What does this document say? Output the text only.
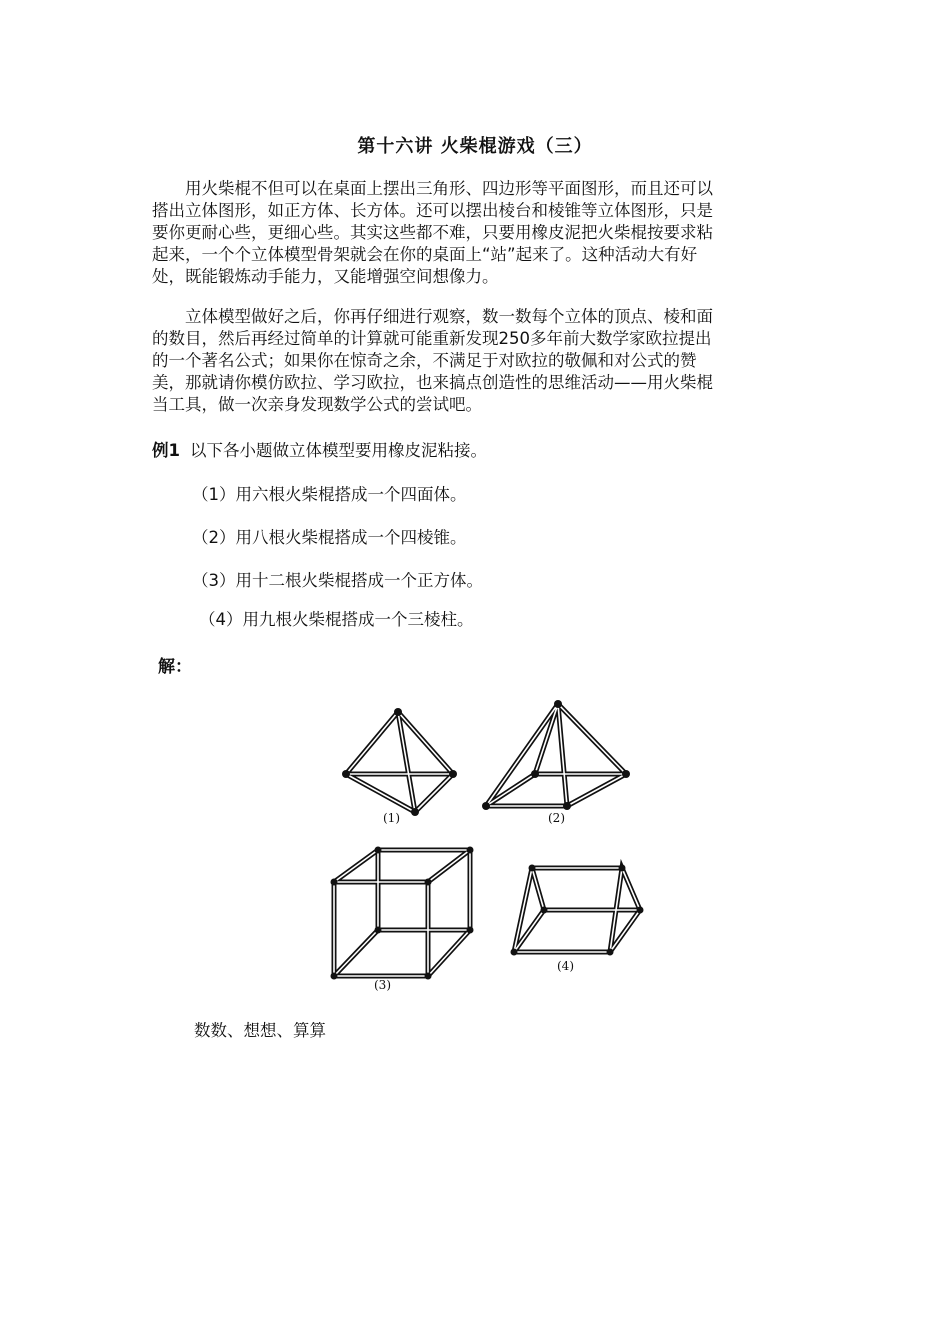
第十六讲 火柴棍游戏（三）
　　用火柴棍不但可以在桌面上摆出三角形、四边形等平面图形，而且还可以
搭出立体图形，如正方体、长方体。还可以摆出棱台和棱锥等立体图形，只是
要你更耐心些，更细心些。其实这些都不难，只要用橡皮泥把火柴棍按要求粘
起来，一个个立体模型骨架就会在你的桌面上“站”起来了。这种活动大有好
处，既能锻炼动手能力，又能增强空间想像力。
　　立体模型做好之后，你再仔细进行观察，数一数每个立体的顶点、棱和面
的数目，然后再经过简单的计算就可能重新发现250多年前大数学家欧拉提出
的一个著名公式；如果你在惊奇之余，不满足于对欧拉的敬佩和对公式的赞
美，那就请你模仿欧拉、学习欧拉，也来搞点创造性的思维活动——用火柴棍
当工具，做一次亲身发现数学公式的尝试吧。
例1 以下各小题做立体模型要用橡皮泥粘接。
（1）用六根火柴棍搭成一个四面体。
（2）用八根火柴棍搭成一个四棱锥。
（3）用十二根火柴棍搭成一个正方体。
（4）用九根火柴棍搭成一个三棱柱。
解：
(1)	(2)
(3)
(4)
数数、想想、算算
